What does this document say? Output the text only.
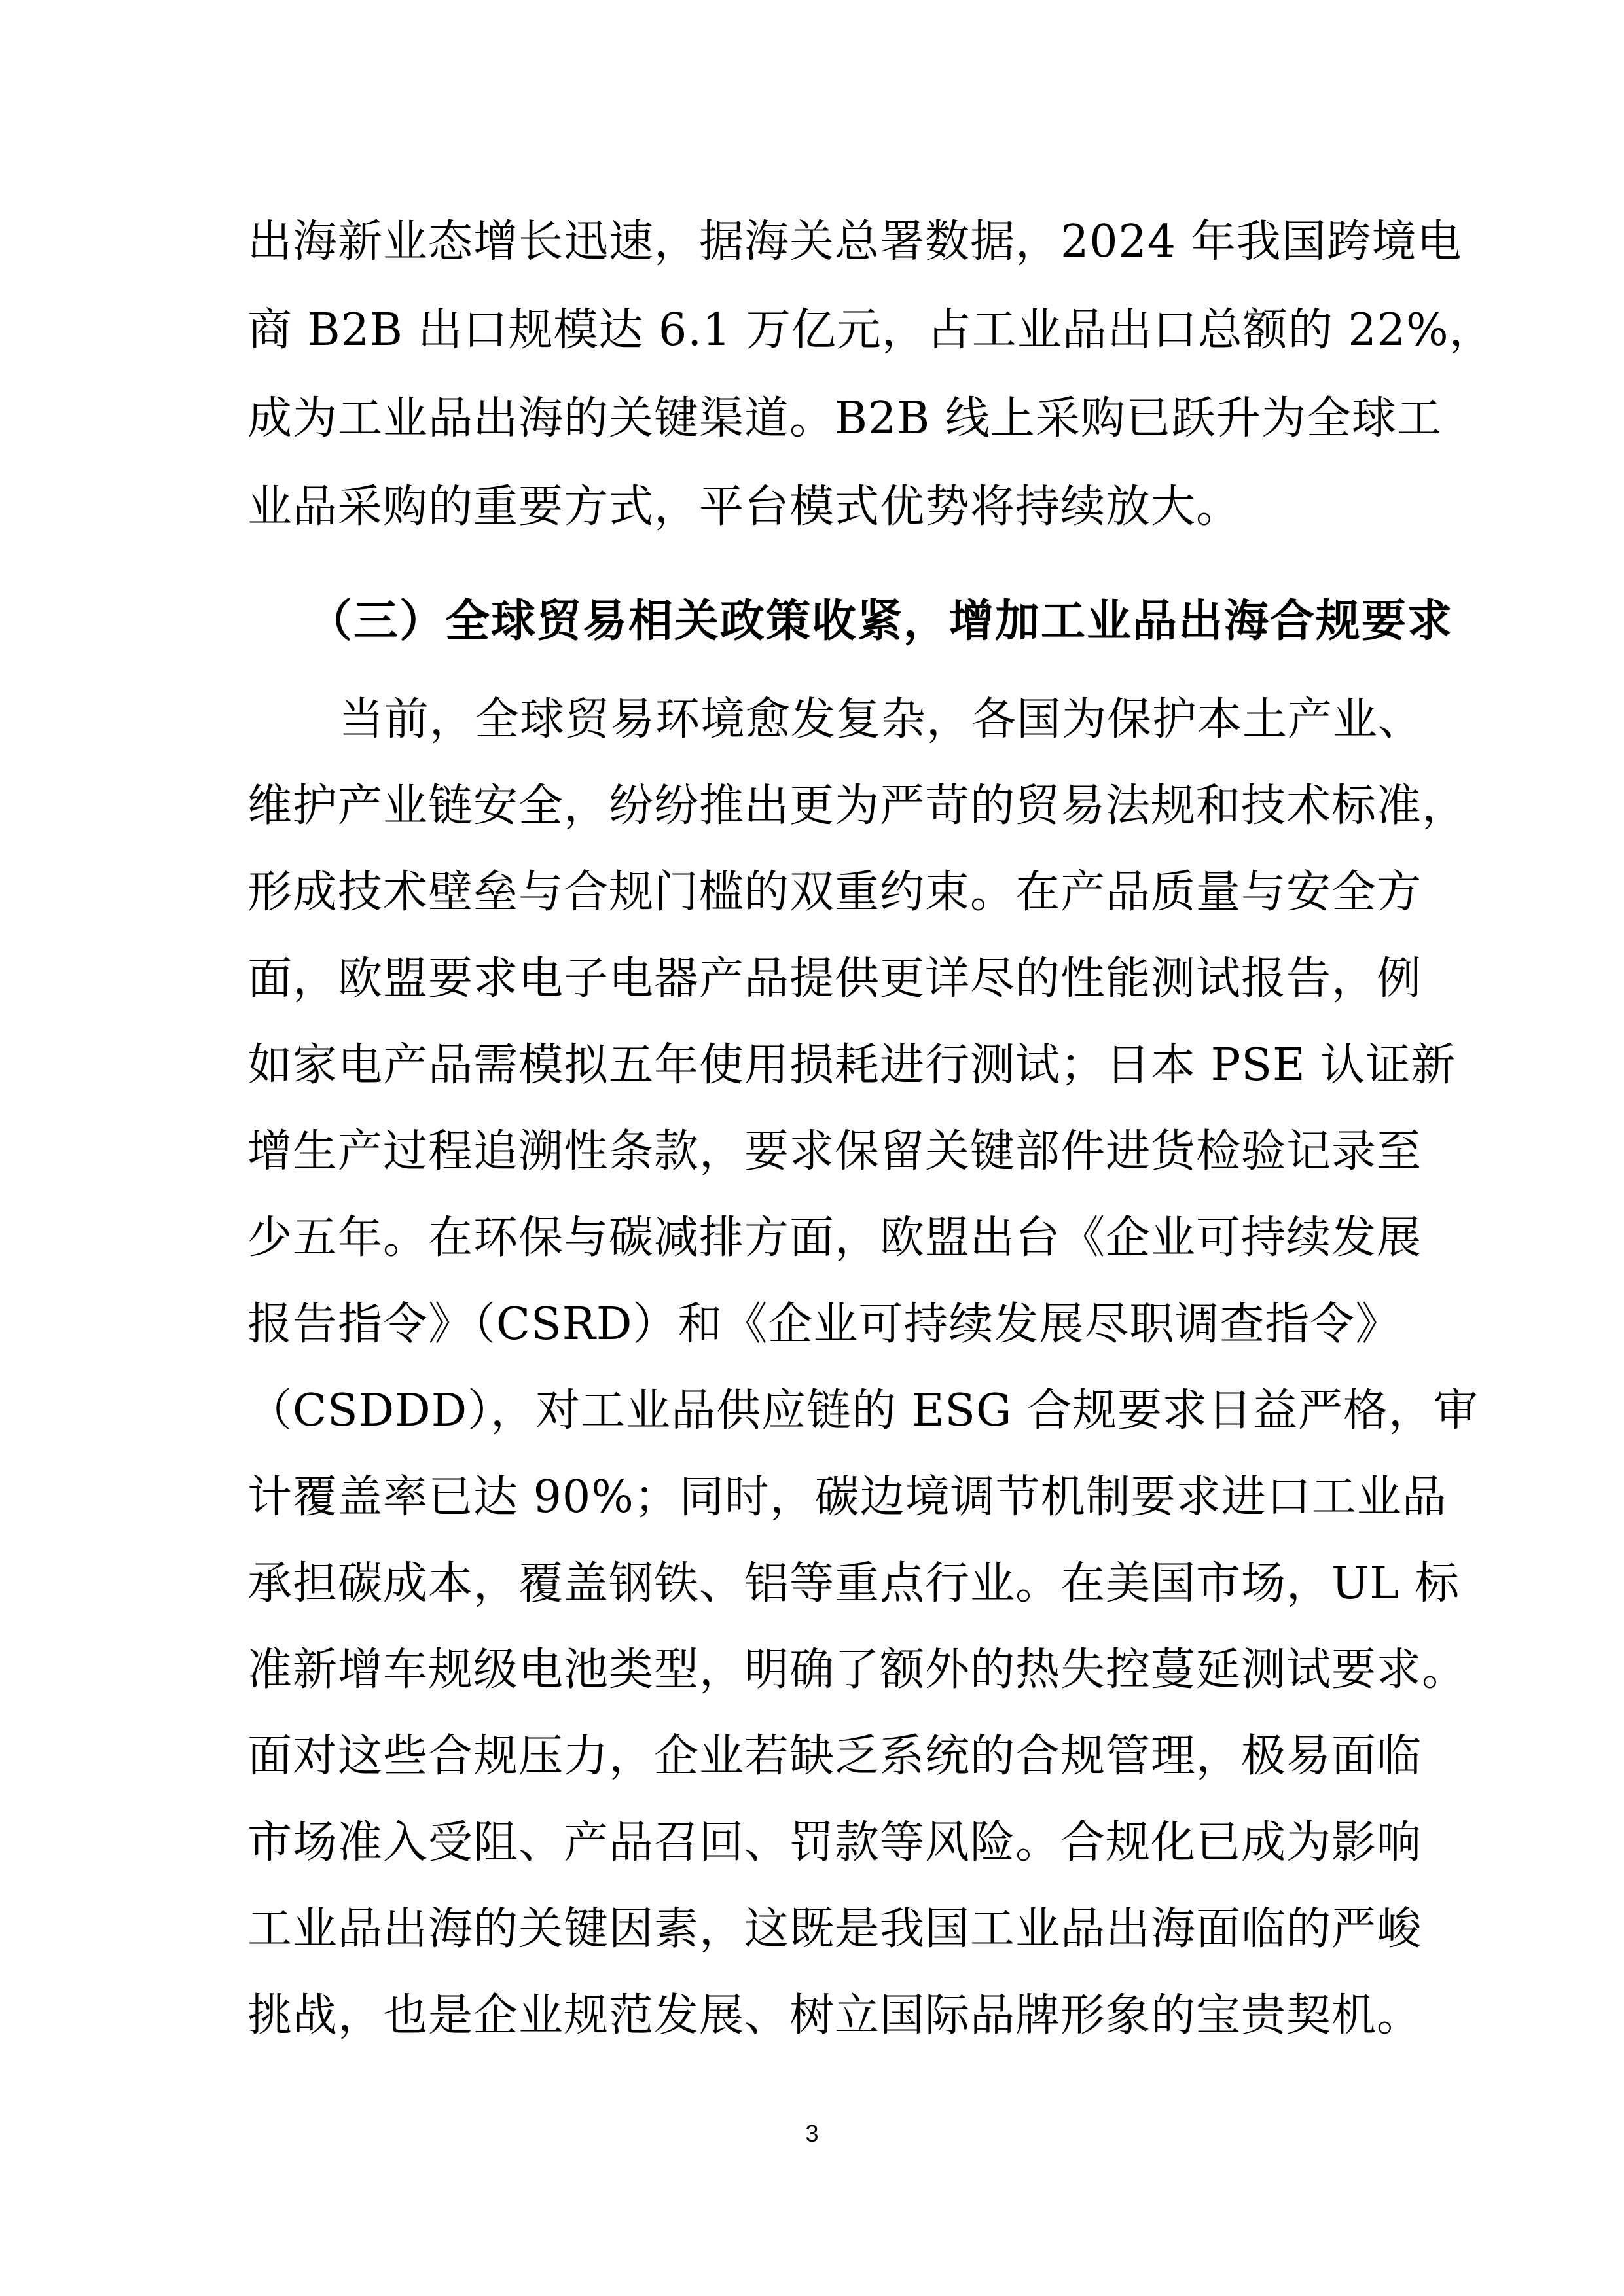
出海新业态增长迅速，据海关总署数据，2024 年我国跨境电
商 B2B 出口规模达 6.1 万亿元，占工业品出口总额的 22%，
成为工业品出海的关键渠道。B2B 线上采购已跃升为全球工
业品采购的重要方式，平台模式优势将持续放大。
（三）全球贸易相关政策收紧，增加工业品出海合规要求
当前，全球贸易环境愈发复杂，各国为保护本土产业、
维护产业链安全，纷纷推出更为严苛的贸易法规和技术标准，
形成技术壁垒与合规门槛的双重约束。在产品质量与安全方
面，欧盟要求电子电器产品提供更详尽的性能测试报告，例
如家电产品需模拟五年使用损耗进行测试；日本 PSE 认证新
增生产过程追溯性条款，要求保留关键部件进货检验记录至
少五年。在环保与碳减排方面，欧盟出台《企业可持续发展
报告指令》（CSRD）和《企业可持续发展尽职调查指令》
（CSDDD），对工业品供应链的 ESG 合规要求日益严格，审
计覆盖率已达 90%；同时，碳边境调节机制要求进口工业品
承担碳成本，覆盖钢铁、铝等重点行业。在美国市场，UL 标
准新增车规级电池类型，明确了额外的热失控蔓延测试要求。
面对这些合规压力，企业若缺乏系统的合规管理，极易面临
市场准入受阻、产品召回、罚款等风险。合规化已成为影响
工业品出海的关键因素，这既是我国工业品出海面临的严峻
挑战，也是企业规范发展、树立国际品牌形象的宝贵契机。
3
